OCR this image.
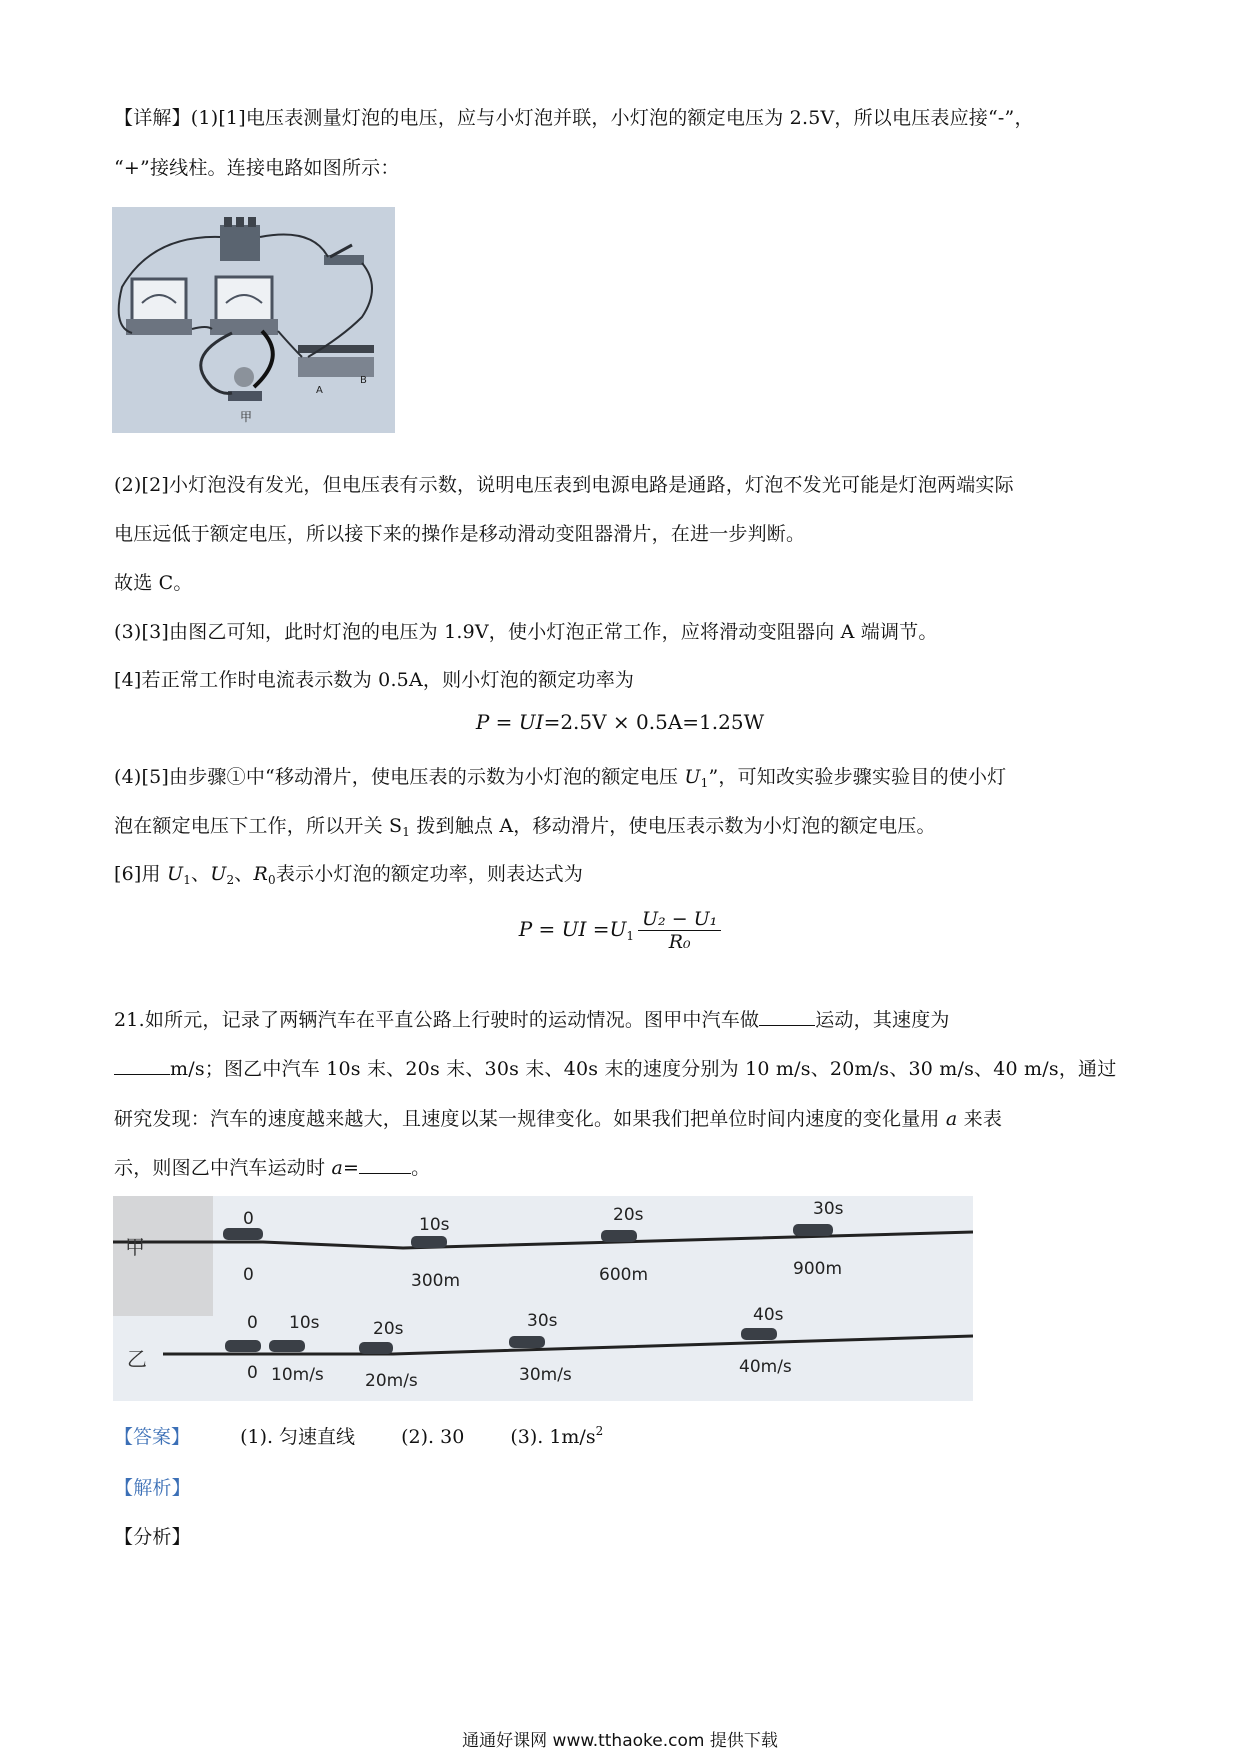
【详解】(1)[1]电压表测量灯泡的电压，应与小灯泡并联，小灯泡的额定电压为 2.5V，所以电压表应接“-”，
“+”接线柱。连接电路如图所示：
A
B
甲
(2)[2]小灯泡没有发光，但电压表有示数，说明电压表到电源电路是通路，灯泡不发光可能是灯泡两端实际
电压远低于额定电压，所以接下来的操作是移动滑动变阻器滑片，在进一步判断。
故选 C。
(3)[3]由图乙可知，此时灯泡的电压为 1.9V，使小灯泡正常工作，应将滑动变阻器向 A 端调节。
[4]若正常工作时电流表示数为 0.5A，则小灯泡的额定功率为
P = UI=2.5V × 0.5A=1.25W
(4)[5]由步骤①中“移动滑片，使电压表的示数为小灯泡的额定电压 $U_1$”，可知改实验步骤实验目的使小灯
泡在额定电压下工作，所以开关 $S_1$ 拨到触点 A，移动滑片，使电压表示数为小灯泡的额定电压。
[6]用 $U_1$、$U_2$、$R_0$表示小灯泡的额定功率，则表达式为
P = UI $=U_1 \frac{\text{U₂ − U₁}}{\text{R₀}}$
21.如所元，记录了两辆汽车在平直公路上行驶时的运动情况。图甲中汽车做	运动，其速度为
m/s；图乙中汽车 10s 末、20s 末、30s 末、40s 末的速度分别为 10 m/s、20m/s、30 m/s、40 m/s，通过
研究发现：汽车的速度越来越大，且速度以某一规律变化。如果我们把单位时间内速度的变化量用 a 来表
示，则图乙中汽车运动时 a=	。
甲
0	10s	20s	30s
0	300m	600m	900m
乙
0 10s	20s	30s	40s
0 10m/s 20m/s	30m/s	40m/s
【答案】	(1). 匀速直线 (2). 30 (3). 1m/s2
【解析】
【分析】
通通好课网 www.tthaoke.com 提供下载
